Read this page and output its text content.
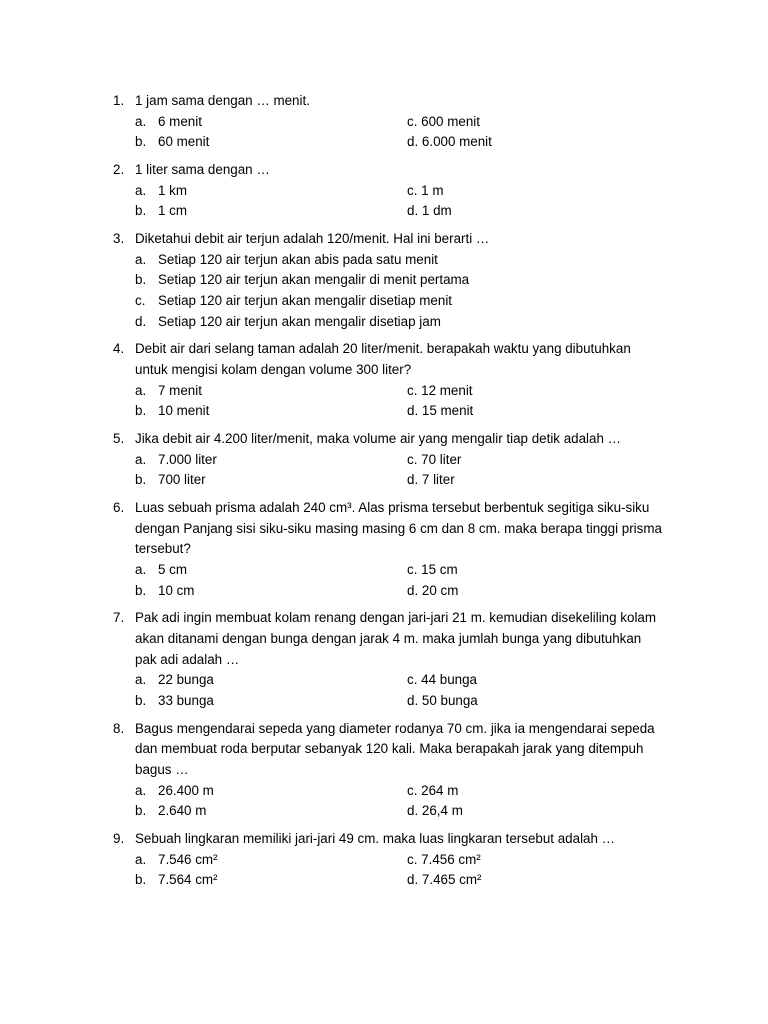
1. 1 jam sama dengan … menit.
a. 6 menit	c. 600 menit
b. 60 menit	d. 6.000 menit
2. 1 liter sama dengan …
a. 1 km	c. 1 m
b. 1 cm	d. 1 dm
3. Diketahui debit air terjun adalah 120/menit. Hal ini berarti …
a. Setiap 120 air terjun akan abis pada satu menit
b. Setiap 120 air terjun akan mengalir di menit pertama
c. Setiap 120 air terjun akan mengalir disetiap menit
d. Setiap 120 air terjun akan mengalir disetiap jam
4. Debit air dari selang taman adalah 20 liter/menit. berapakah waktu yang dibutuhkan
untuk mengisi kolam dengan volume 300 liter?
a. 7 menit	c. 12 menit
b. 10 menit	d. 15 menit
5. Jika debit air 4.200 liter/menit, maka volume air yang mengalir tiap detik adalah …
a. 7.000 liter	c. 70 liter
b. 700 liter	d. 7 liter
6. Luas sebuah prisma adalah 240 cm³. Alas prisma tersebut berbentuk segitiga siku-siku
dengan Panjang sisi siku-siku masing masing 6 cm dan 8 cm. maka berapa tinggi prisma
tersebut?
a. 5 cm	c. 15 cm
b. 10 cm	d. 20 cm
7. Pak adi ingin membuat kolam renang dengan jari-jari 21 m. kemudian disekeliling kolam
akan ditanami dengan bunga dengan jarak 4 m. maka jumlah bunga yang dibutuhkan
pak adi adalah …
a. 22 bunga	c. 44 bunga
b. 33 bunga	d. 50 bunga
8. Bagus mengendarai sepeda yang diameter rodanya 70 cm. jika ia mengendarai sepeda
dan membuat roda berputar sebanyak 120 kali. Maka berapakah jarak yang ditempuh
bagus …
a. 26.400 m	c. 264 m
b. 2.640 m	d. 26,4 m
9. Sebuah lingkaran memiliki jari-jari 49 cm. maka luas lingkaran tersebut adalah …
a. 7.546 cm²	c. 7.456 cm²
b. 7.564 cm²	d. 7.465 cm²
